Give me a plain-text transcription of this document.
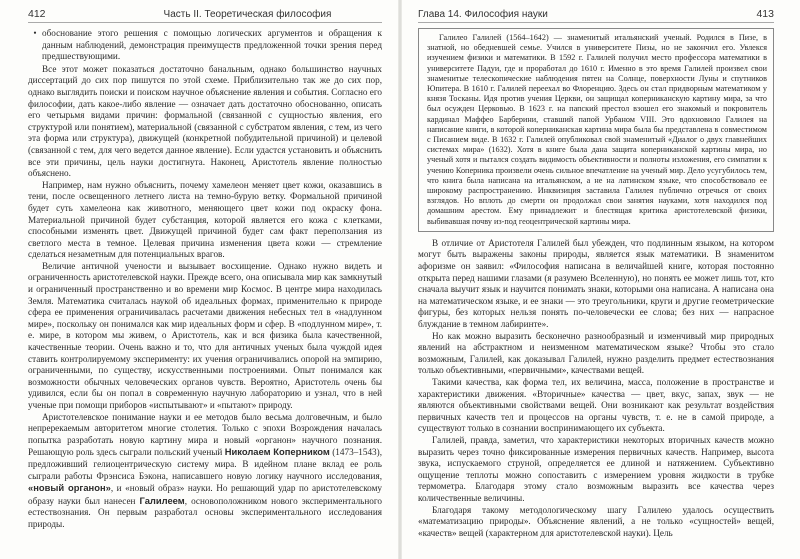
412	Часть II. Теоретическая философия
• обоснование этого решения с помощью логических аргументов и обращения к данным наблюдений, демонстрация преимуществ предложенной точки зрения перед предшествующими.

Все этот может показаться достаточно банальным, однако большинство научных диссертаций до сих пор пишутся по этой схеме. Приблизительно так же до сих пор, однако выглядить поиски и поиском научное объяснение явления и события. Согласно его философии, дать какое-либо явление — означает дать достаточно обоснованно, описать его четырьмя видами причин: формальной (связанной с сущностью явления, его структурой или понятием), материальной (связанной с субстратом явления, с тем, из чего эта форма или структура), движущей (конкретной побудительной причиной) и целевой (связанной с тем, для чего ведется данное явление). Если удастся установить и объяснить все эти причины, цель науки достигнута. Наконец, Аристотель явление полностью объяснено.

Например, нам нужно объяснить, почему хамелеон меняет цвет кожи, оказавшись в тени, после освещенного летнего листа на темно-бурую ветку. Формальной причиной будет суть хамелеона как животного, меняющего цвет кожи под окраску фона. Материальной причиной будет субстанция, которой является его кожа с клетками, способными изменять цвет. Движущей причиной будет сам факт переползания из светлого места в темное. Целевая причина изменения цвета кожи — стремление сделаться незаметным для потенциальных врагов.

Величие античной учености и вызывает восхищение. Однако нужно видеть и ограниченность аристотелевской науки. Прежде всего, она описывала мир как замкнутый и ограниченный пространственно и во времени мир Космос. В центре мира находилась Земля. Математика считалась наукой об идеальных формах, применительно к природе сфера ее применения ограничивалась расчетами движения небесных тел в «надлунном мире», поскольку он понимался как мир идеальных форм и сфер. В «подлунном мире», т. е. мире, в котором мы живем, о Аристотель, как и вся физика была качественной, качественные теории. Очень важно и то, что для античных ученых была чуждой идея ставить контролируемому эксперименту: их учения ограничивались опорой на эмпирию, ограниченными, по существу, искусственными построениями. Опыт понимался как возможности обычных человеческих органов чувств. Вероятно, Аристотель очень бы удивился, если бы он попал в современную научную лабораторию и узнал, что в ней ученые при помощи приборов «испытывают» и «пытают» природу.

Аристотелевское понимание науки и ее методов было весьма долговечным, и было непререкаемым авторитетом многие столетия. Только с эпохи Возрождения началась попытка разработать новую картину мира и новый «органон» научного познания. Решающую роль здесь сыграли польский ученый Николаем Коперником (1473–1543), предложивший гелиоцентрическую систему мира. В идейном плане вклад ее роль сыграли работы Фрэнсиса Бэкона, написавшего новую логику научного исследования, «новый органон», и «новый образ» науки. Но решающий удар по аристотелевскому образу науки был нанесен Галилеем, основоположником нового экспериментального естествознания. Он первым разработал основы экспериментального исследования природы.

Глава 14. Философия науки	413

Галилео Галилей (1564–1642) — знаменитый итальянский ученый. Родился в Пизе, в знатной, но обедневшей семье. Учился в университете Пизы, но не закончил его. Увлекся изучением физики и математики. В 1592 г. Галилей получил место профессора математики в университете Падуи, где и проработал до 1610 г. Именно в это время Галилей произвел свои знаменитые телескопические наблюдения пятен на Солнце, поверхности Луны и спутников Юпитера. В 1610 г. Галилей переехал во Флоренцию. Здесь он стал придворным математиком у князя Тосканы. Идя против учения Церкви, он защищал коперниканскую картину мира, за что был осужден Церковью. В 1623 г. на папский престол взошел его знакомый и покровитель кардинал Маффео Барберини, ставший папой Урбаном VIII. Это вдохновило Галилея на написание книги, в которой коперниканская картина мира была бы представлена в совместимом с Писанием виде. В 1632 г. Галилей опубликовал свой знаменитый «Диалог о двух главнейших системах мира» (1632). Хотя в книге была дана защита коперниканской картины мира, но ученый хотя и пытался создать видимость объективности и полноты изложения, его симпатии к учению Коперника произвели очень сильное впечатление на ученый мир. Дело усугубилось тем, что книга была написана на итальянском, а не на латинском языке, что способствовало ее широкому распространению. Инквизиция заставила Галилея публично отречься от своих взглядов. Но вплоть до смерти он продолжал свои занятия науками, хотя находился под домашним арестом. Ему принадлежит и блестящая критика аристотелевской физики, выбивавшая почву из-под геоцентрической картины мира.

В отличие от Аристотеля Галилей был убежден, что подлинным языком, на котором могут быть выражены законы природы, является язык математики. В знаменитом афоризме он заявил: «Философия написана в величайшей книге, которая постоянно открыта перед нашими глазами (я разумею Вселенную), но понять ее может лишь тот, кто сначала выучит язык и научится понимать знаки, которыми она написана. А написана она на математическом языке, и ее знаки — это треугольники, круги и другие геометрические фигуры, без которых нельзя понять по-человечески ее слова; без них — напрасное блуждание в темном лабиринте».

Но как можно выразить бесконечно разнообразный и изменчивый мир природных явлений на абстрактном и неизменном математическом языке? Чтобы это стало возможным, Галилей, как доказывал Галилей, нужно разделить предмет естествознания только объективными, «первичными», качествами вещей.

Такими качества, как форма тел, их величина, масса, положение в пространстве и характеристики движения. «Вторичные» качества — цвет, вкус, запах, звук — не являются объективными свойствами вещей. Они возникают как результат воздействия первичных качеств тел и процессов на органы чувств, т. е. не в самой природе, а существуют только в сознании воспринимающего их субъекта.

Галилей, правда, заметил, что характеристики некоторых вторичных качеств можно выразить через точно фиксированные измерения первичных качеств. Например, высота звука, испускаемого струной, определяется ее длиной и натяжением. Субъективно ощущение теплоты можно сопоставить с измерением уровня жидкости в трубке термометра. Благодаря этому стало возможным выразить все качества через количественные величины.

Благодаря такому методологическому шагу Галилею удалось осуществить «математизацию природы». Объяснение явлений, а не только «сущностей» вещей, «качеств» вещей (характерном для аристотелевской науки). Цель
